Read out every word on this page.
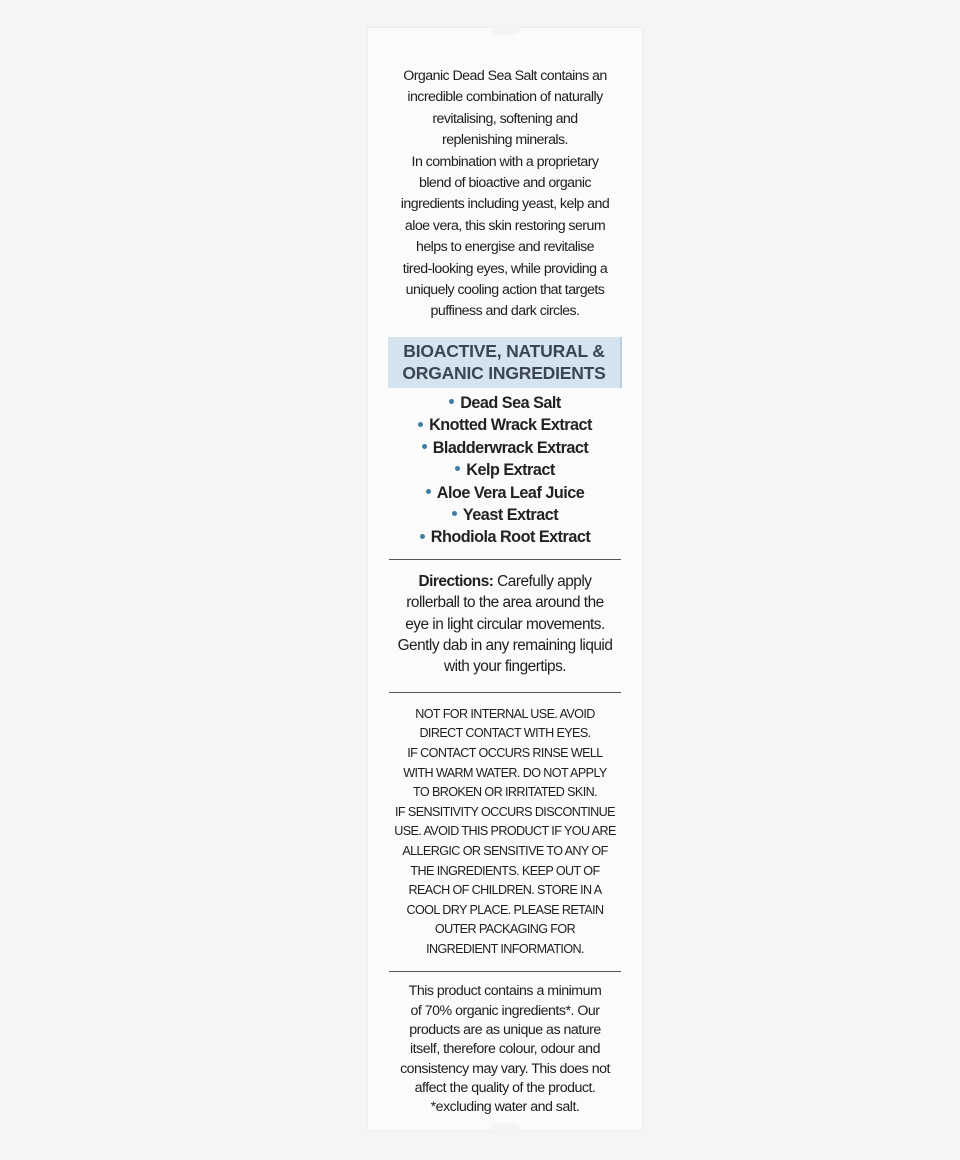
Organic Dead Sea Salt contains an

incredible combination of naturally

revitalising, softening and

replenishing minerals.

In combination with a proprietary

blend of bioactive and organic

ingredients including yeast, kelp and

aloe vera, this skin restoring serum

helps to energise and revitalise

tired-looking eyes, while providing a

uniquely cooling action that targets

puffiness and dark circles.

BIOACTIVE, NATURAL &
ORGANIC INGREDIENTS
Dead Sea Salt
Knotted Wrack Extract
Bladderwrack Extract
Kelp Extract
Aloe Vera Leaf Juice
Yeast Extract
Rhodiola Root Extract
Directions: Carefully apply
rollerball to the area around the
eye in light circular movements.
Gently dab in any remaining liquid
with your fingertips.
NOT FOR INTERNAL USE. AVOID
DIRECT CONTACT WITH EYES.
IF CONTACT OCCURS RINSE WELL
WITH WARM WATER. DO NOT APPLY
TO BROKEN OR IRRITATED SKIN.
IF SENSITIVITY OCCURS DISCONTINUE
USE. AVOID THIS PRODUCT IF YOU ARE
ALLERGIC OR SENSITIVE TO ANY OF
THE INGREDIENTS. KEEP OUT OF
REACH OF CHILDREN. STORE IN A
COOL DRY PLACE. PLEASE RETAIN
OUTER PACKAGING FOR
INGREDIENT INFORMATION.
This product contains a minimum
of 70% organic ingredients*. Our
products are as unique as nature
itself, therefore colour, odour and
consistency may vary. This does not
affect the quality of the product.
*excluding water and salt.
